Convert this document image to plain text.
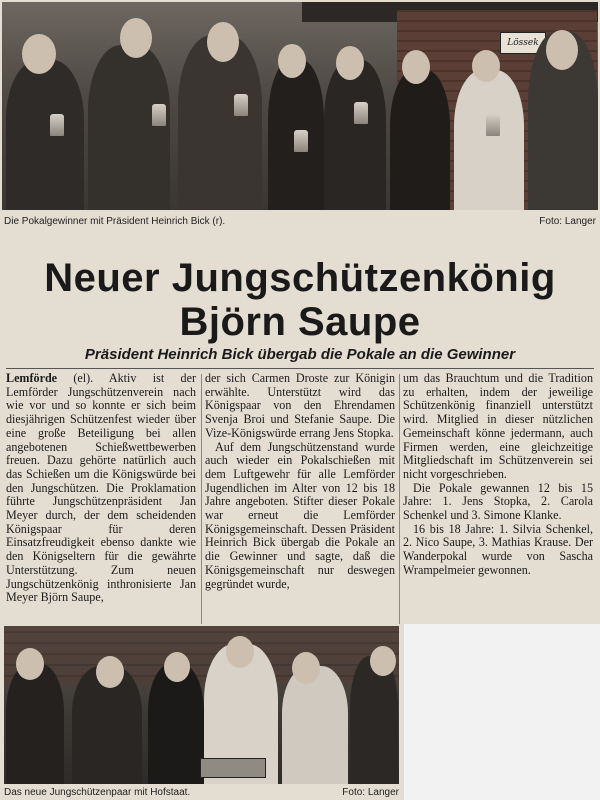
Lössek
Die Pokalgewinner mit Präsident Heinrich Bick (r).	Foto: Langer
Neuer Jungschützenkönig
Björn Saupe
Präsident Heinrich Bick übergab die Pokale an die Gewinner

Lemförde (el). Aktiv ist der Lemförder Jungschützenverein nach wie vor und so konnte er sich beim diesjährigen Schützenfest wieder über eine große Beteiligung bei allen angebotenen Schießwettbewerben freuen. Dazu gehörte natürlich auch das Schießen um die Königswürde bei den Jungschützen. Die Proklamation führte Jungschützenpräsident Jan Meyer durch, der dem scheidenden Königspaar für deren Einsatzfreudigkeit ebenso dankte wie den Königseltern für die gewährte Unterstützung. Zum neuen Jungschützenkönig inthronisierte Jan Meyer Björn Saupe,

der sich Carmen Droste zur Königin erwählte. Unterstützt wird das Königspaar von den Ehrendamen Svenja Broi und Stefanie Saupe. Die Vize-Königswürde errang Jens Stopka.

Auf dem Jungschützenstand wurde auch wieder ein Pokalschießen mit dem Luftgewehr für alle Lemförder Jugendlichen im Alter von 12 bis 18 Jahre angeboten. Stifter dieser Pokale war erneut die Lemförder Königsgemeinschaft. Dessen Präsident Heinrich Bick übergab die Pokale an die Gewinner und sagte, daß die Königsgemeinschaft nur deswegen gegründet wurde,

um das Brauchtum und die Tradition zu erhalten, indem der jeweilige Schützenkönig finanziell unterstützt wird. Mitglied in dieser nützlichen Gemeinschaft könne jedermann, auch Firmen werden, eine gleichzeitige Mitgliedschaft im Schützenverein sei nicht vorgeschrieben.

Die Pokale gewannen 12 bis 15 Jahre: 1. Jens Stopka, 2. Carola Schenkel und 3. Simone Klanke.

16 bis 18 Jahre: 1. Silvia Schenkel, 2. Nico Saupe, 3. Mathias Krause. Der Wanderpokal wurde von Sascha Wrampelmeier gewonnen.

Das neue Jungschützenpaar mit Hofstaat.	Foto: Langer
